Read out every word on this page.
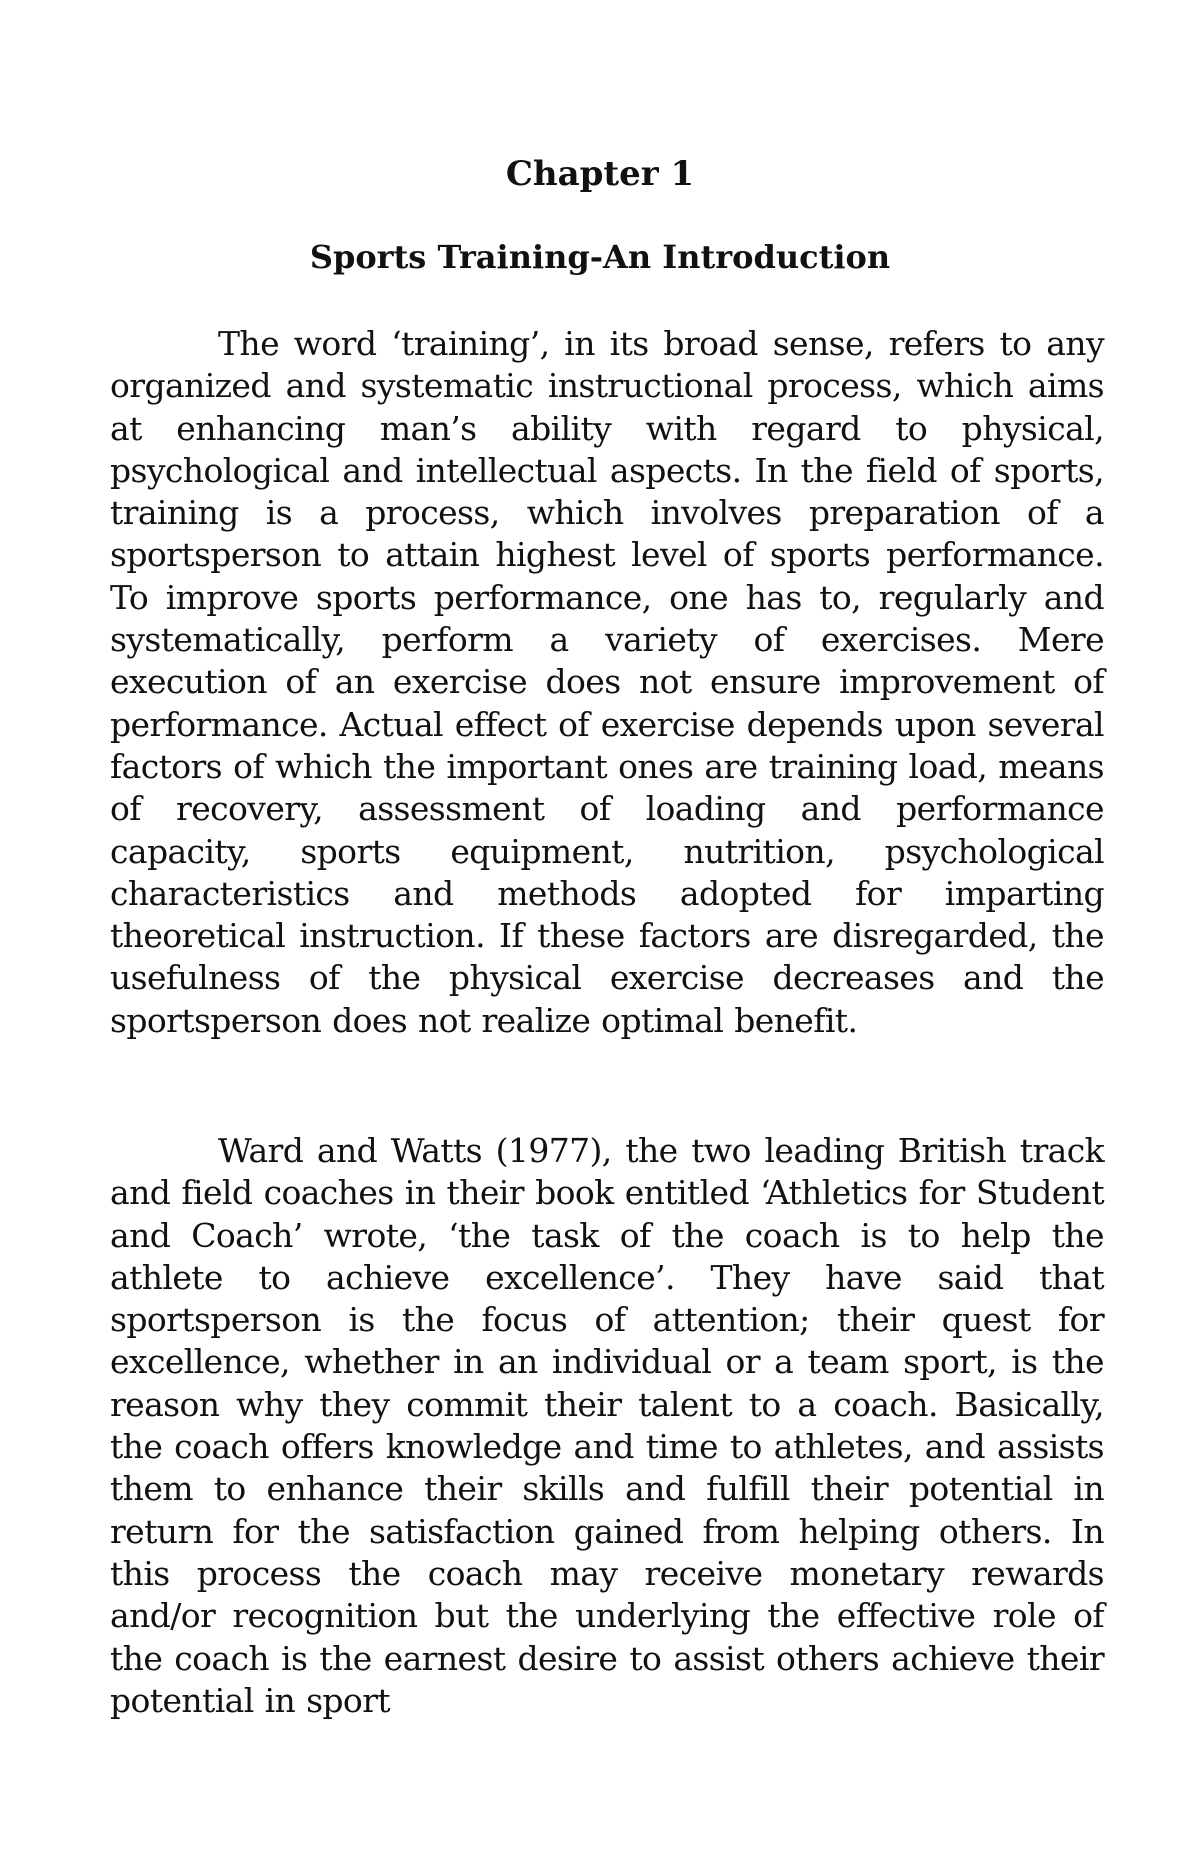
Chapter 1
Sports Training-An Introduction

The word ‘training’, in its broad sense, refers to any organized and systematic instructional process, which aims at enhancing man’s ability with regard to physical, psychological and intellectual aspects. In the field of sports, training is a process, which involves preparation of a sportsperson to attain highest level of sports performance. To improve sports performance, one has to, regularly and systematically, perform a variety of exercises. Mere execution of an exercise does not ensure improvement of performance. Actual effect of exercise depends upon several factors of which the important ones are training load, means of recovery, assessment of loading and performance capacity, sports equipment, nutrition, psychological characteristics and methods adopted for imparting theoretical instruction. If these factors are disregarded, the usefulness of the physical exercise decreases and the sportsperson does not realize optimal benefit.

Ward and Watts (1977), the two leading British track and field coaches in their book entitled ‘Athletics for Student and Coach’ wrote, ‘the task of the coach is to help the athlete to achieve excellence’. They have said that sportsperson is the focus of attention; their quest for excellence, whether in an individual or a team sport, is the reason why they commit their talent to a coach. Basically, the coach offers knowledge and time to athletes, and assists them to enhance their skills and fulfill their potential in return for the satisfaction gained from helping others. In this process the coach may receive monetary rewards and/or recognition but the underlying the effective role of the coach is the earnest desire to assist others achieve their potential in sport
